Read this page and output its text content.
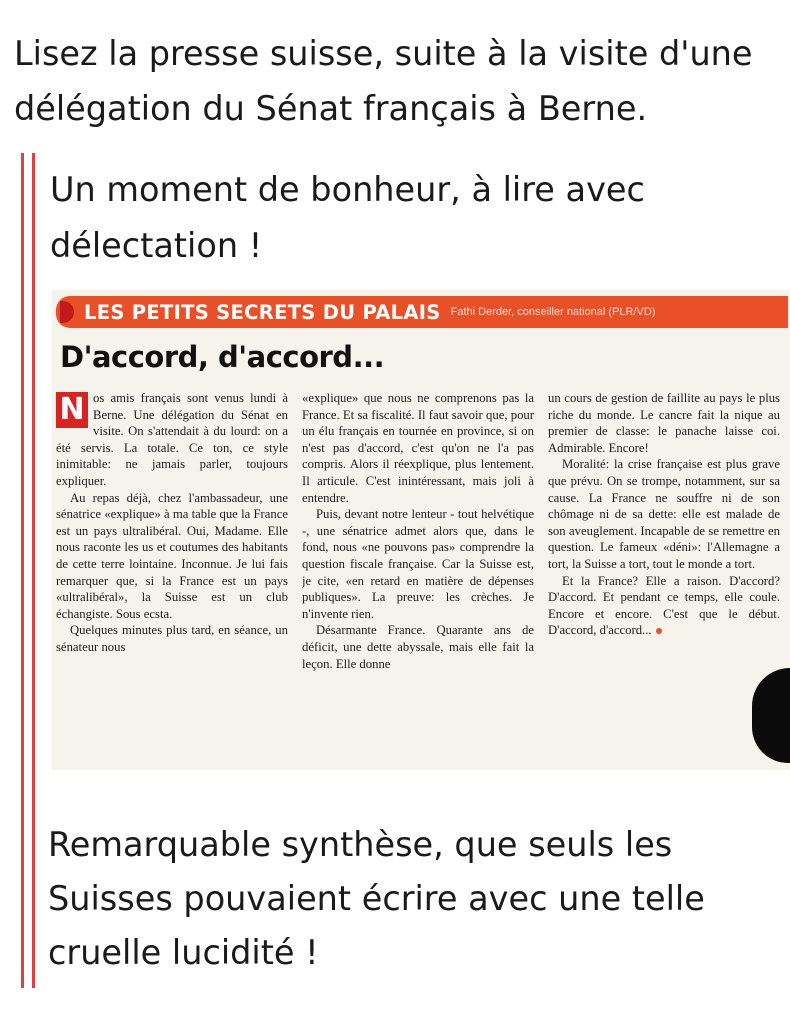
Lisez la presse suisse, suite à la visite d'une
délégation du Sénat français à Berne.

Un moment de bonheur, à lire avec délectation !

LES PETITS SECRETS DU PALAIS Fathi Derder, conseiller national (PLR/VD)
D'accord, d'accord...

N os amis français sont venus lundi à Berne. Une délégation du Sénat en visite. On s'attendait à du lourd: on a été servis. La totale. Ce ton, ce style inimitable: ne jamais parler, toujours expliquer.

Au repas déjà, chez l'ambassadeur, une sénatrice «explique» à ma table que la France est un pays ultralibéral. Oui, Madame. Elle nous raconte les us et coutumes des habitants de cette terre lointaine. Inconnue. Je lui fais remarquer que, si la France est un pays «ultralibéral», la Suisse est un club échangiste. Sous ecsta.

Quelques minutes plus tard, en séance, un sénateur nous

«explique» que nous ne comprenons pas la France. Et sa fiscalité. Il faut savoir que, pour un élu français en tournée en province, si on n'est pas d'accord, c'est qu'on ne l'a pas compris. Alors il réexplique, plus lentement. Il articule. C'est inintéressant, mais joli à entendre.

Puis, devant notre lenteur - tout helvétique -, une sénatrice admet alors que, dans le fond, nous «ne pouvons pas» comprendre la question fiscale française. Car la Suisse est, je cite, «en retard en matière de dépenses publiques». La preuve: les crèches. Je n'invente rien.

Désarmante France. Quarante ans de déficit, une dette abyssale, mais elle fait la leçon. Elle donne

un cours de gestion de faillite au pays le plus riche du monde. Le cancre fait la nique au premier de classe: le panache laisse coi. Admirable. Encore!

Moralité: la crise française est plus grave que prévu. On se trompe, notamment, sur sa cause. La France ne souffre ni de son chômage ni de sa dette: elle est malade de son aveuglement. Incapable de se remettre en question. Le fameux «déni»: l'Allemagne a tort, la Suisse a tort, tout le monde a tort.

Et la France? Elle a raison. D'accord? D'accord. Et pendant ce temps, elle coule. Encore et encore. C'est que le début. D'accord, d'accord...

Remarquable synthèse, que seuls les Suisses pouvaient écrire avec une telle cruelle lucidité !
